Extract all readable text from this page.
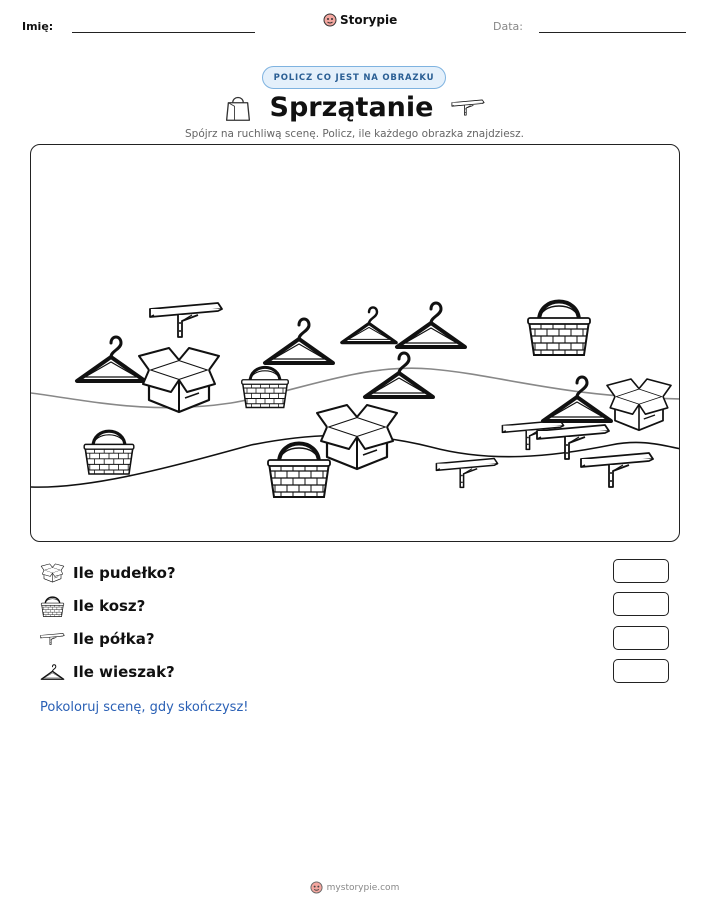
Imię:	Storypie	Data:
POLICZ CO JEST NA OBRAZKU
Sprzątanie
Spójrz na ruchliwą scenę. Policz, ile każdego obrazka znajdziesz.
Ile pudełko?
Ile kosz?
Ile półka?
Ile wieszak?
Pokoloruj scenę, gdy skończysz!
mystorypie.com
